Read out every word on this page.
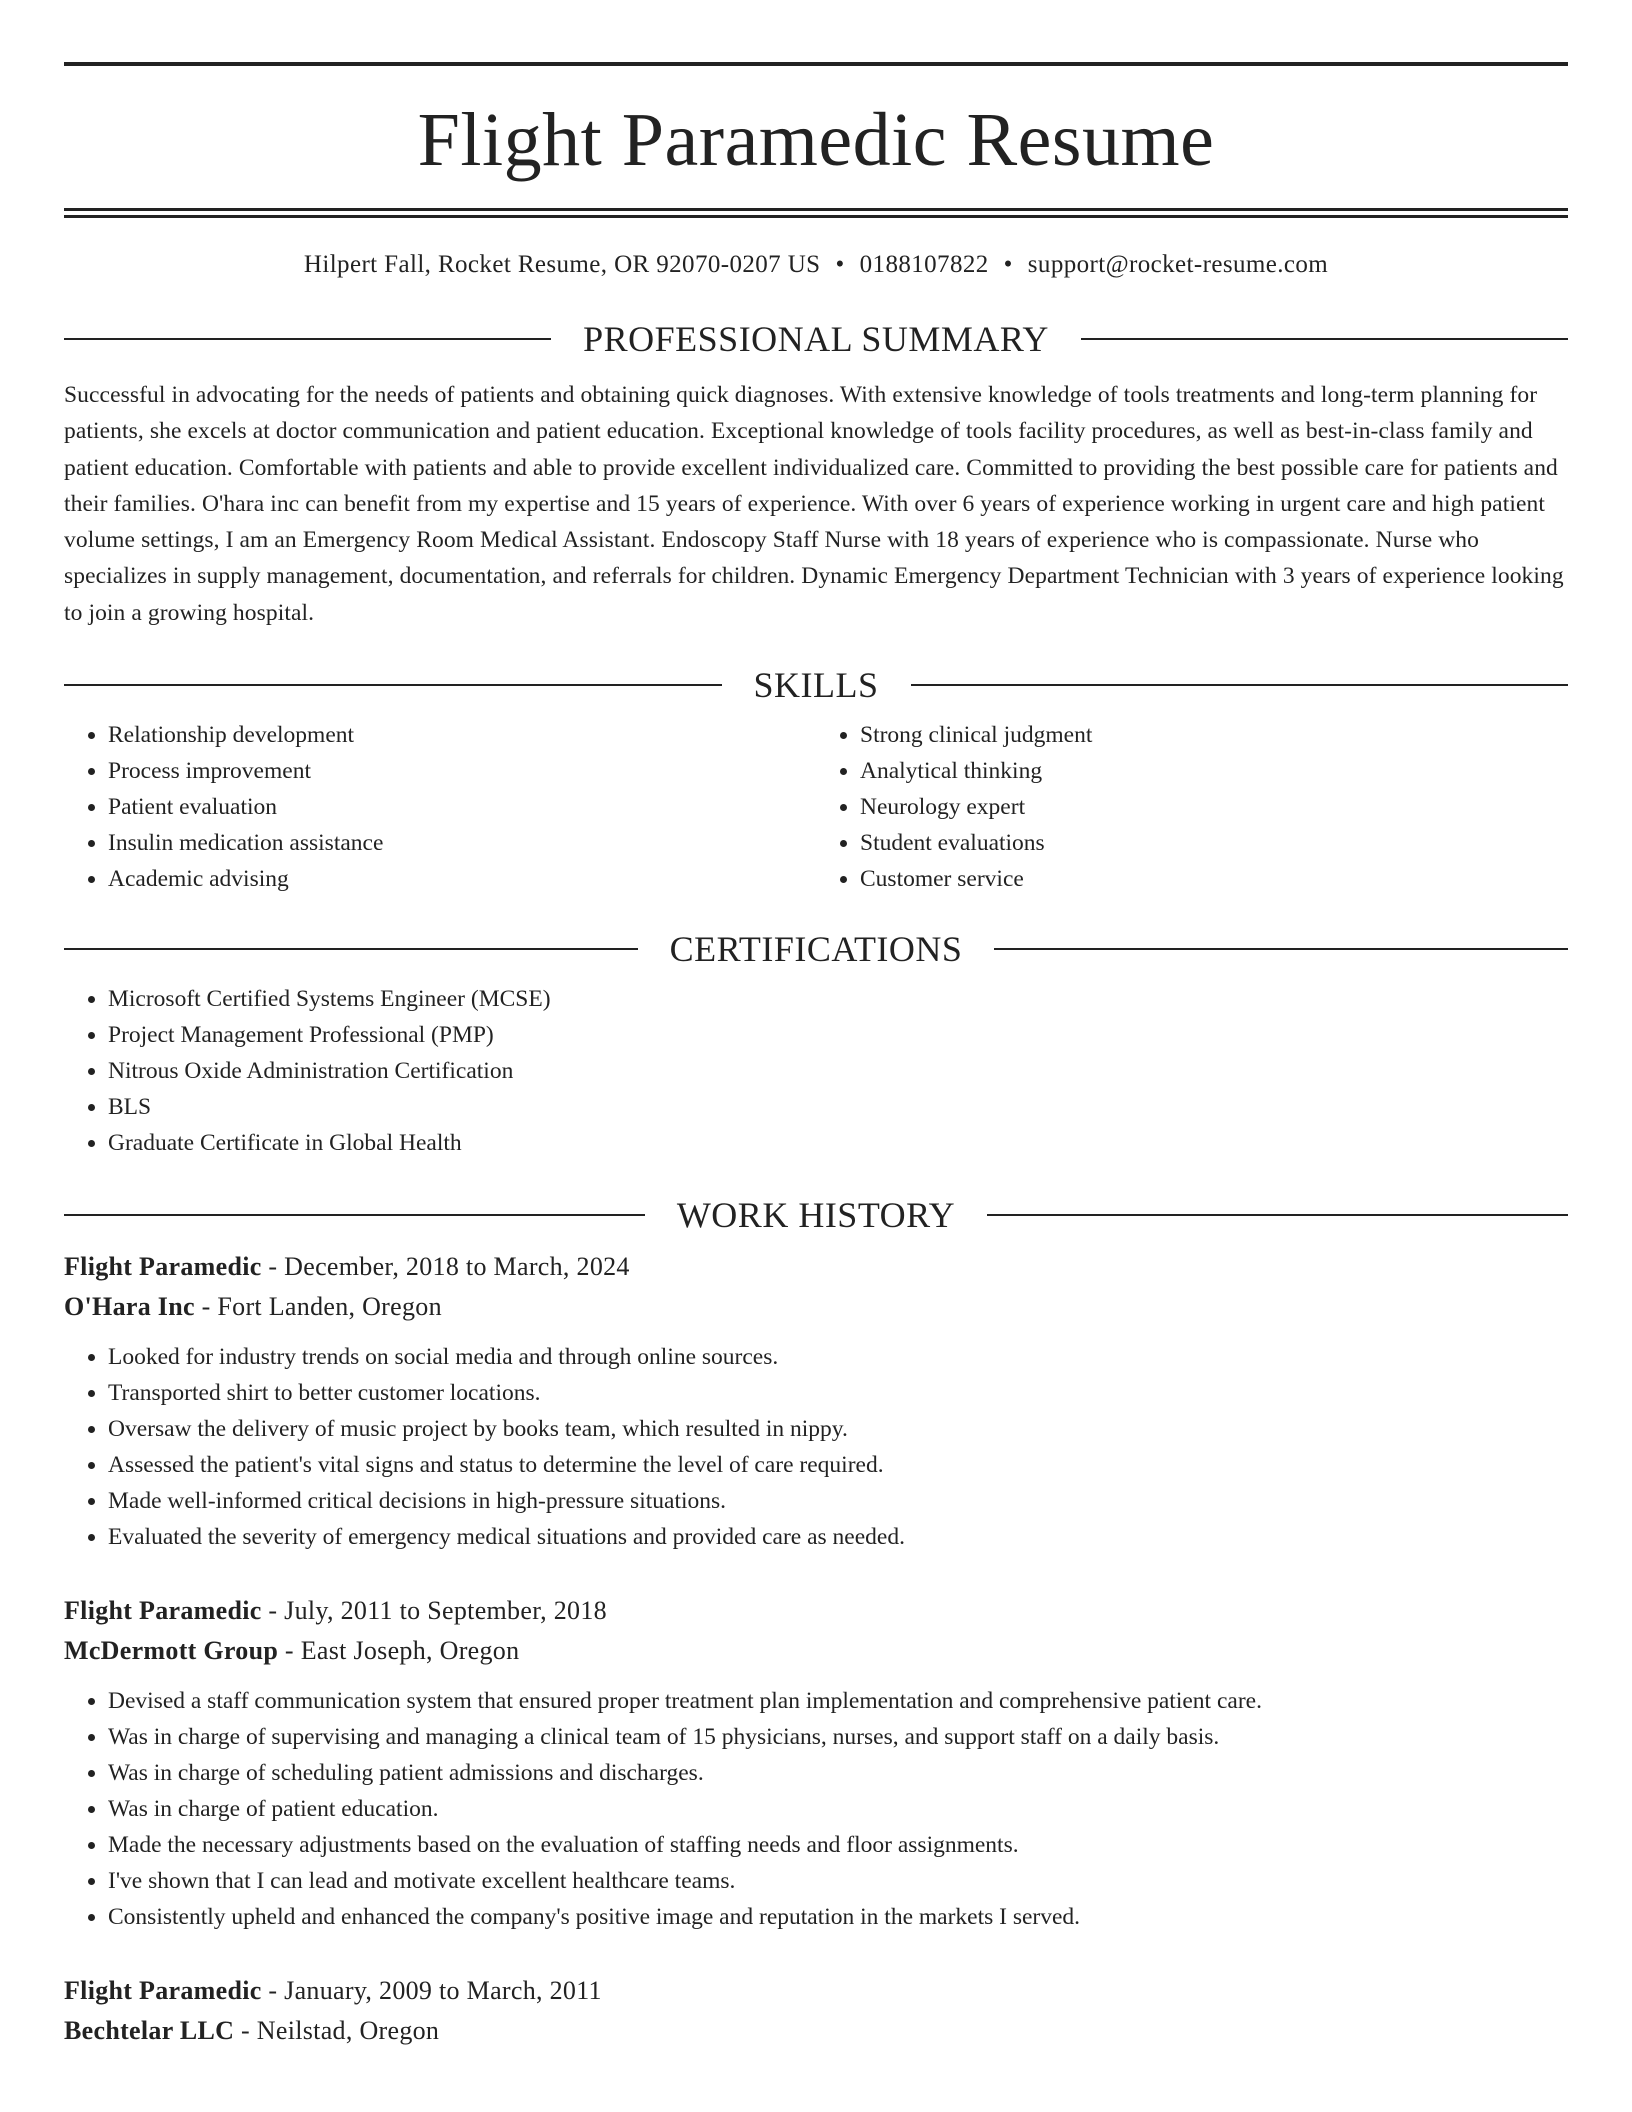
Flight Paramedic Resume
Hilpert Fall, Rocket Resume, OR 92070-0207 US • 0188107822 • support@rocket-resume.com
PROFESSIONAL SUMMARY

Successful in advocating for the needs of patients and obtaining quick diagnoses. With extensive knowledge of tools treatments and long-term planning for patients, she excels at doctor communication and patient education. Exceptional knowledge of tools facility procedures, as well as best-in-class family and patient education. Comfortable with patients and able to provide excellent individualized care. Committed to providing the best possible care for patients and their families. O'hara inc can benefit from my expertise and 15 years of experience. With over 6 years of experience working in urgent care and high patient volume settings, I am an Emergency Room Medical Assistant. Endoscopy Staff Nurse with 18 years of experience who is compassionate. Nurse who specializes in supply management, documentation, and referrals for children. Dynamic Emergency Department Technician with 3 years of experience looking to join a growing hospital.

SKILLS
• Relationship development
• Process improvement
• Patient evaluation
• Insulin medication assistance
• Academic advising
• Strong clinical judgment
• Analytical thinking
• Neurology expert
• Student evaluations
• Customer service
CERTIFICATIONS
• Microsoft Certified Systems Engineer (MCSE)
• Project Management Professional (PMP)
• Nitrous Oxide Administration Certification
• BLS
• Graduate Certificate in Global Health
WORK HISTORY
Flight Paramedic - December, 2018 to March, 2024
O'Hara Inc - Fort Landen, Oregon
• Looked for industry trends on social media and through online sources.
• Transported shirt to better customer locations.
• Oversaw the delivery of music project by books team, which resulted in nippy.
• Assessed the patient's vital signs and status to determine the level of care required.
• Made well-informed critical decisions in high-pressure situations.
• Evaluated the severity of emergency medical situations and provided care as needed.
Flight Paramedic - July, 2011 to September, 2018
McDermott Group - East Joseph, Oregon
• Devised a staff communication system that ensured proper treatment plan implementation and comprehensive patient care.
• Was in charge of supervising and managing a clinical team of 15 physicians, nurses, and support staff on a daily basis.
• Was in charge of scheduling patient admissions and discharges.
• Was in charge of patient education.
• Made the necessary adjustments based on the evaluation of staffing needs and floor assignments.
• I've shown that I can lead and motivate excellent healthcare teams.
• Consistently upheld and enhanced the company's positive image and reputation in the markets I served.
Flight Paramedic - January, 2009 to March, 2011
Bechtelar LLC - Neilstad, Oregon
